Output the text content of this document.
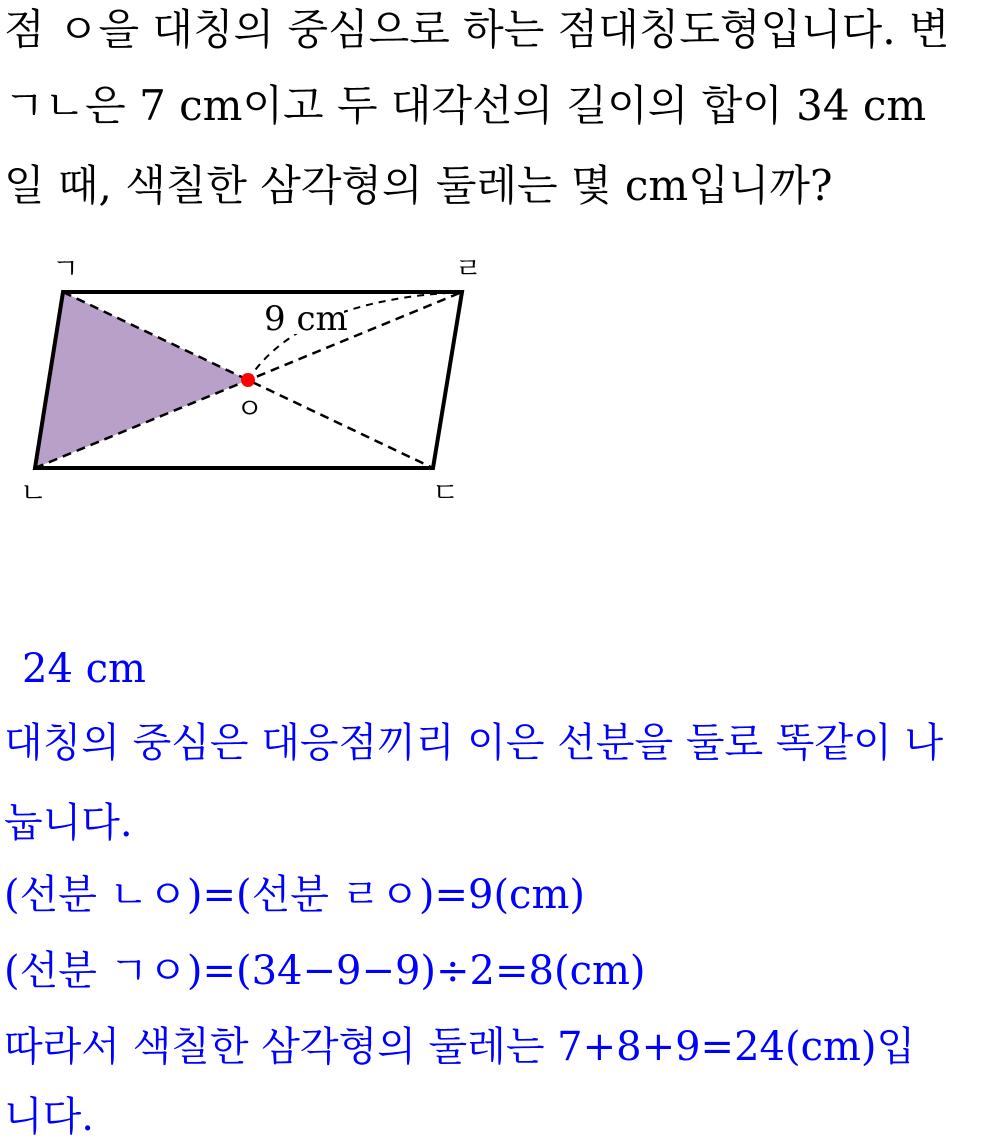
점 ㅇ을 대칭의 중심으로 하는 점대칭도형입니다. 변
ㄱㄴ은 7 cm이고 두 대각선의 길이의 합이 34 cm
일 때, 색칠한 삼각형의 둘레는 몇 cm입니까?
ㄱ	ㄹ
ㄴ	ㄷ
ㅇ
9 cm
24 cm
대칭의 중심은 대응점끼리 이은 선분을 둘로 똑같이 나
눕니다.
(선분 ㄴㅇ)=(선분 ㄹㅇ)=9(cm)
(선분 ㄱㅇ)=(34−9−9)÷2=8(cm)
따라서 색칠한 삼각형의 둘레는 7+8+9=24(cm)입
니다.
